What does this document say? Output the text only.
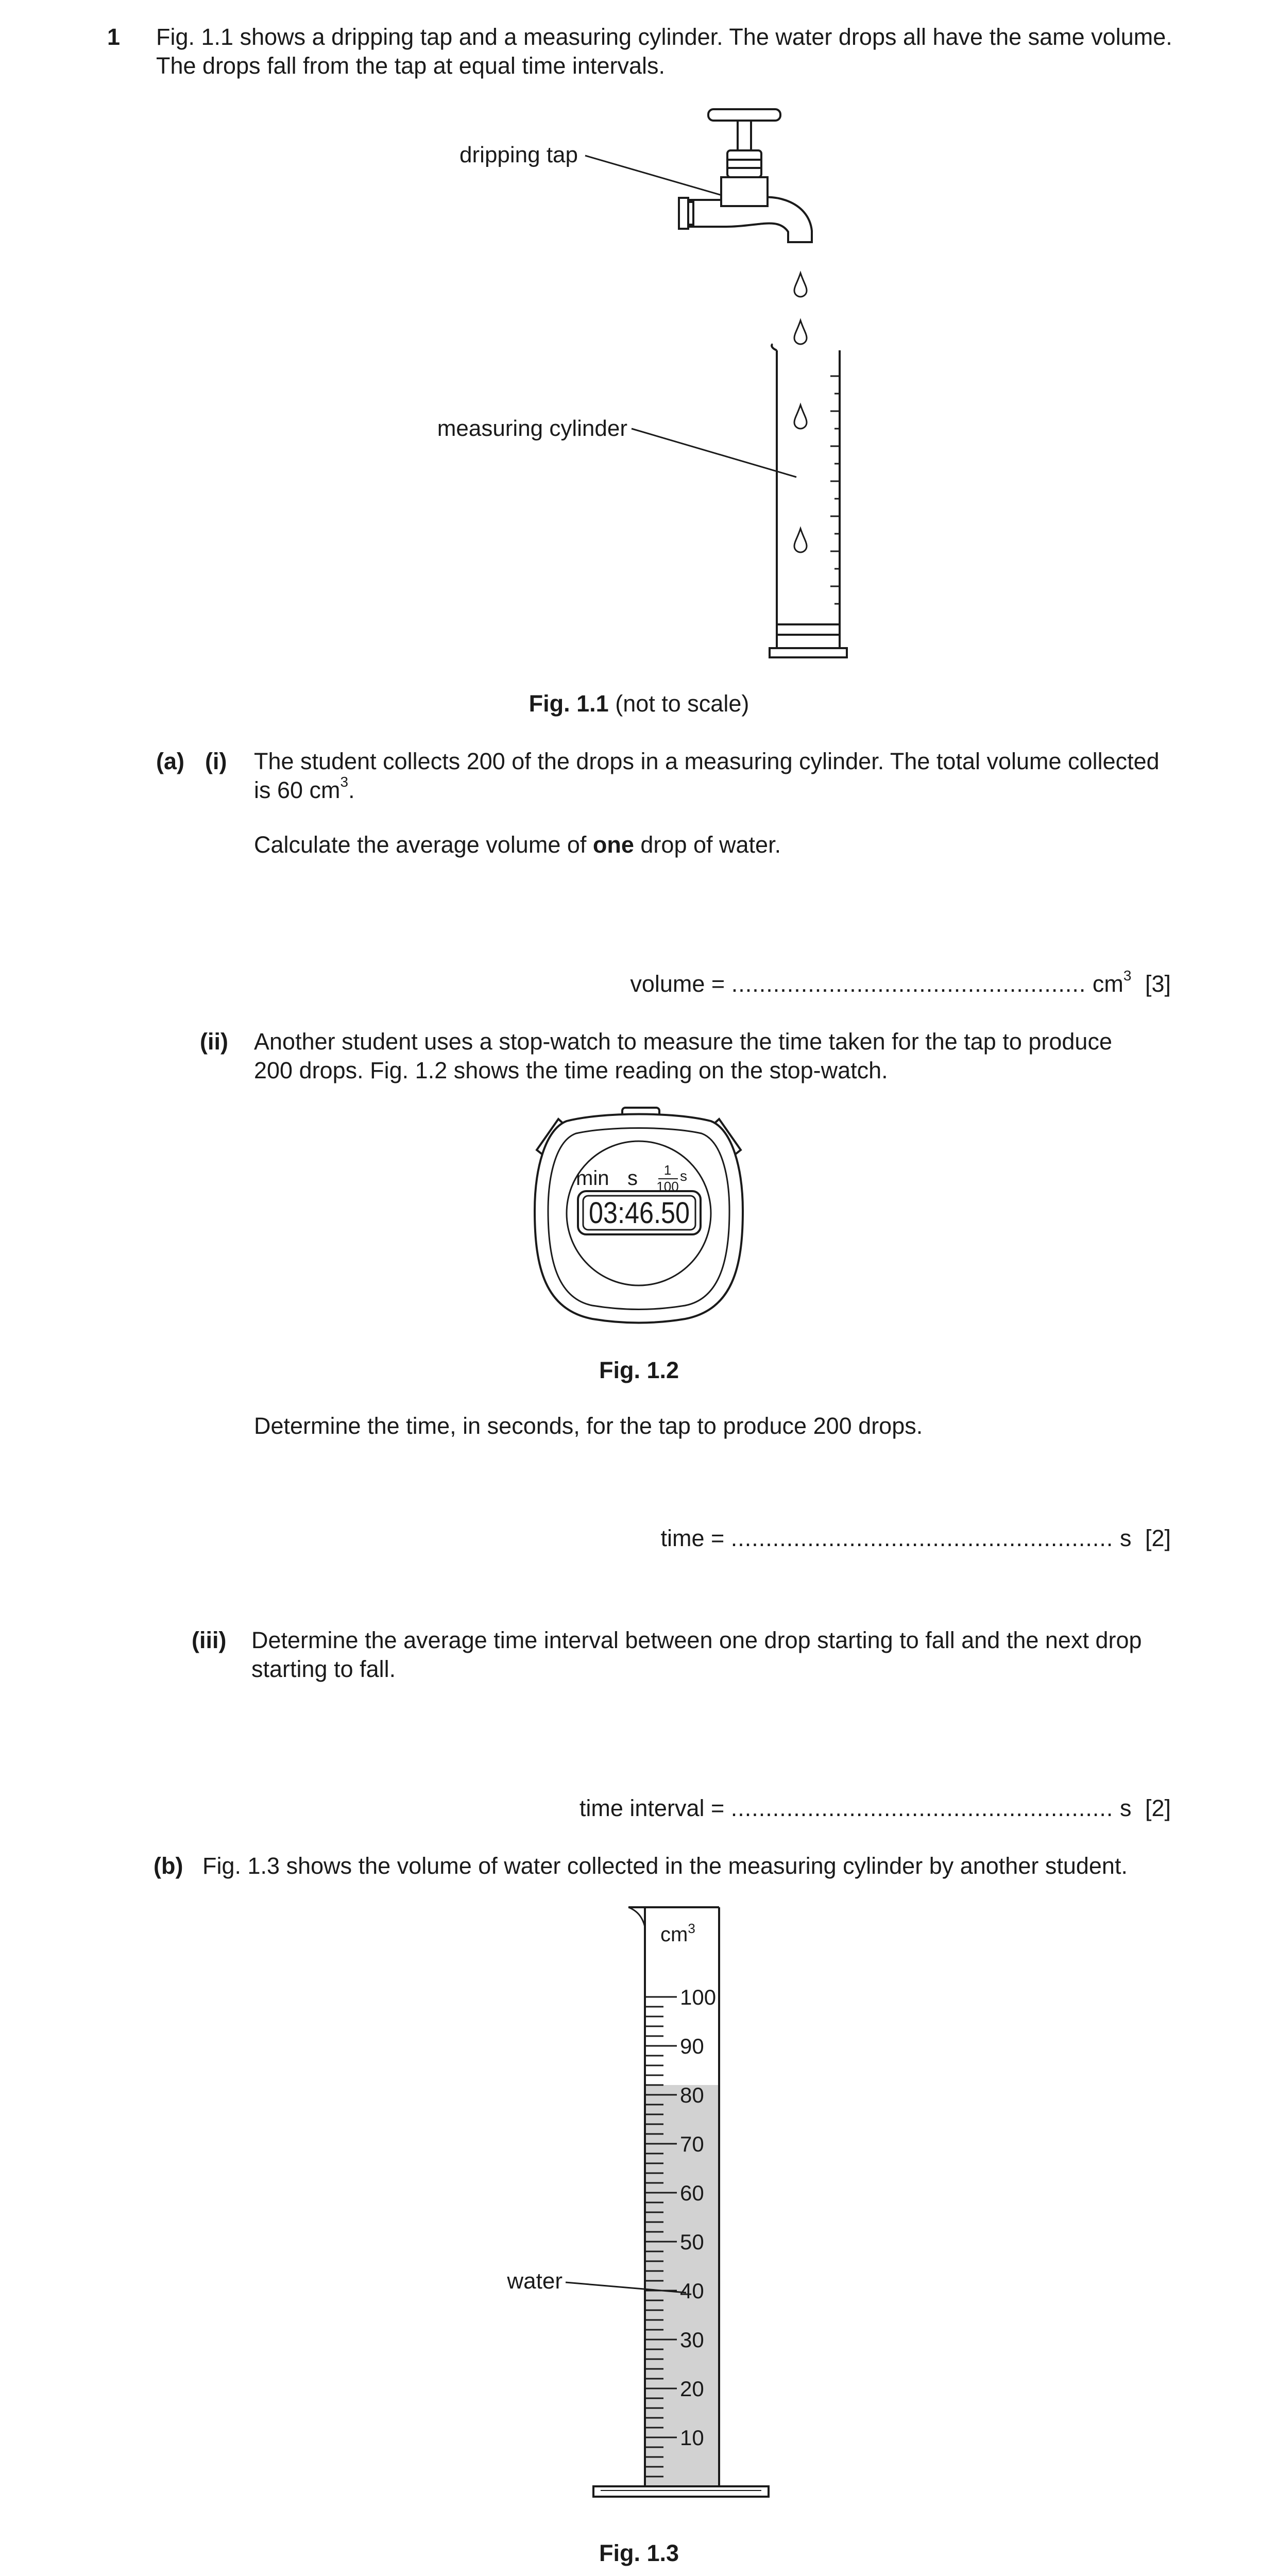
1 Fig. 1.1 shows a dripping tap and a measuring cylinder. The water drops all have the same volume.
The drops fall from the tap at equal time intervals.
dripping tap
measuring cylinder
Fig. 1.1 (not to scale)
(a) (i) The student collects 200 of the drops in a measuring cylinder. The total volume collected
is 60 $cm^3$.
Calculate the average volume of one drop of water.
volume = ................................................... $cm^3$ [3]
(ii) Another student uses a stop-watch to measure the time taken for the tap to produce
200 drops. Fig. 1.2 shows the time reading on the stop-watch.
min s 1
100
s
03:46.50
Fig. 1.2
Determine the time, in seconds, for the tap to produce 200 drops.
time = ....................................................... s [2]
(iii) Determine the average time interval between one drop starting to fall and the next drop
starting to fall.
time interval = ....................................................... s [2]
(b) Fig. 1.3 shows the volume of water collected in the measuring cylinder by another student.
$cm^3$
100
90
80
70
60
50
40
30
20
10
water
Fig. 1.3
